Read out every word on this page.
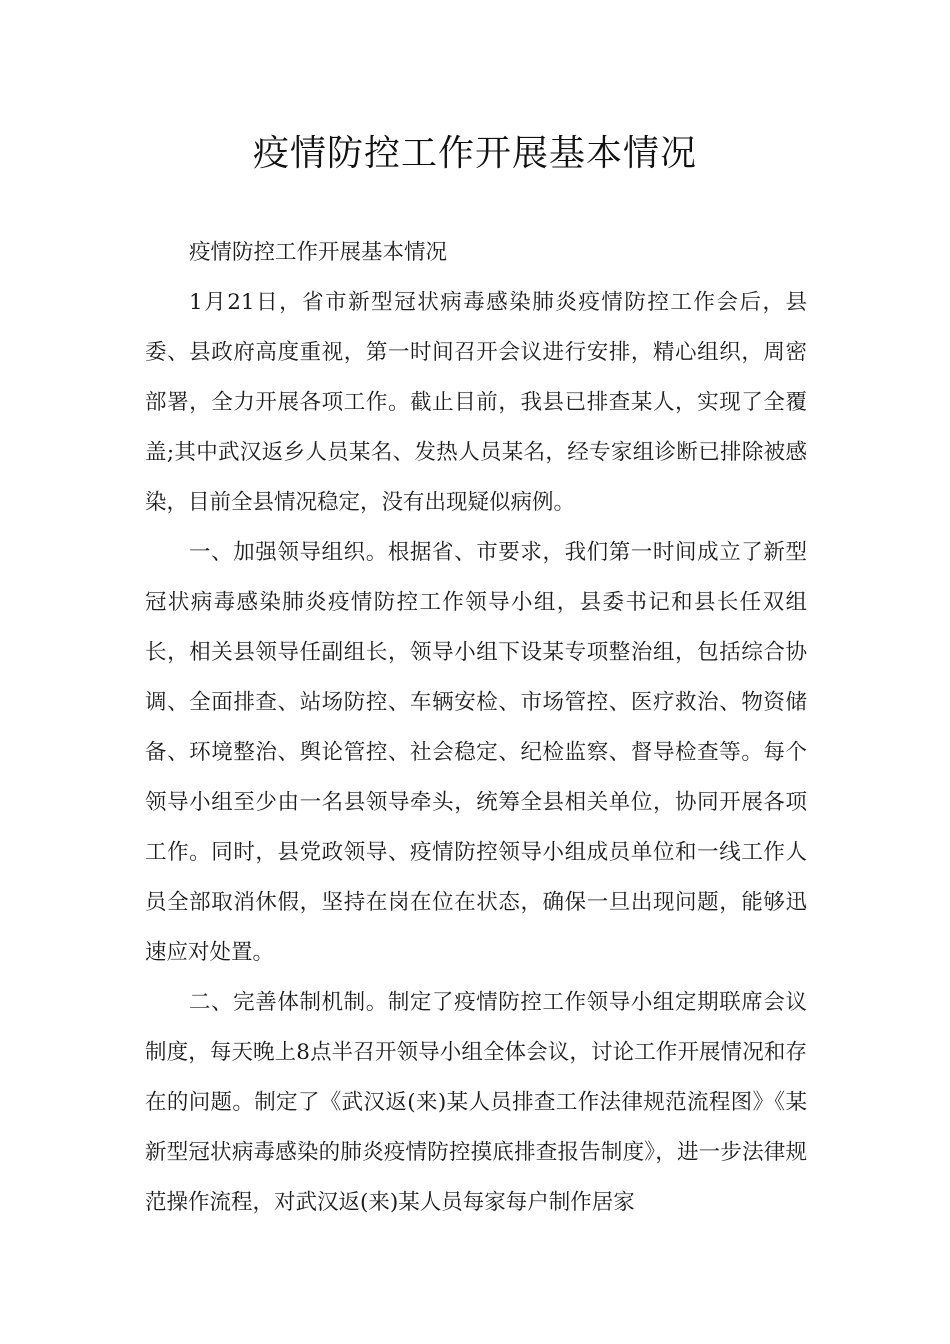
疫情防控工作开展基本情况

疫情防控工作开展基本情况

1月21日，省市新型冠状病毒感染肺炎疫情防控工作会后，县委、县政府高度重视，第一时间召开会议进行安排，精心组织，周密部署，全力开展各项工作。截止目前，我县已排查某人，实现了全覆盖;其中武汉返乡人员某名、发热人员某名，经专家组诊断已排除被感染，目前全县情况稳定，没有出现疑似病例。

一、加强领导组织。根据省、市要求，我们第一时间成立了新型冠状病毒感染肺炎疫情防控工作领导小组，县委书记和县长任双组长，相关县领导任副组长，领导小组下设某专项整治组，包括综合协调、全面排查、站场防控、车辆安检、市场管控、医疗救治、物资储备、环境整治、舆论管控、社会稳定、纪检监察、督导检查等。每个领导小组至少由一名县领导牵头，统筹全县相关单位，协同开展各项工作。同时，县党政领导、疫情防控领导小组成员单位和一线工作人员全部取消休假，坚持在岗在位在状态，确保一旦出现问题，能够迅速应对处置。

二、完善体制机制。制定了疫情防控工作领导小组定期联席会议制度，每天晚上8点半召开领导小组全体会议，讨论工作开展情况和存在的问题。制定了《武汉返(来)某人员排查工作法律规范流程图》《某新型冠状病毒感染的肺炎疫情防控摸底排查报告制度》，进一步法律规范操作流程，对武汉返(来)某人员每家每户制作居家
